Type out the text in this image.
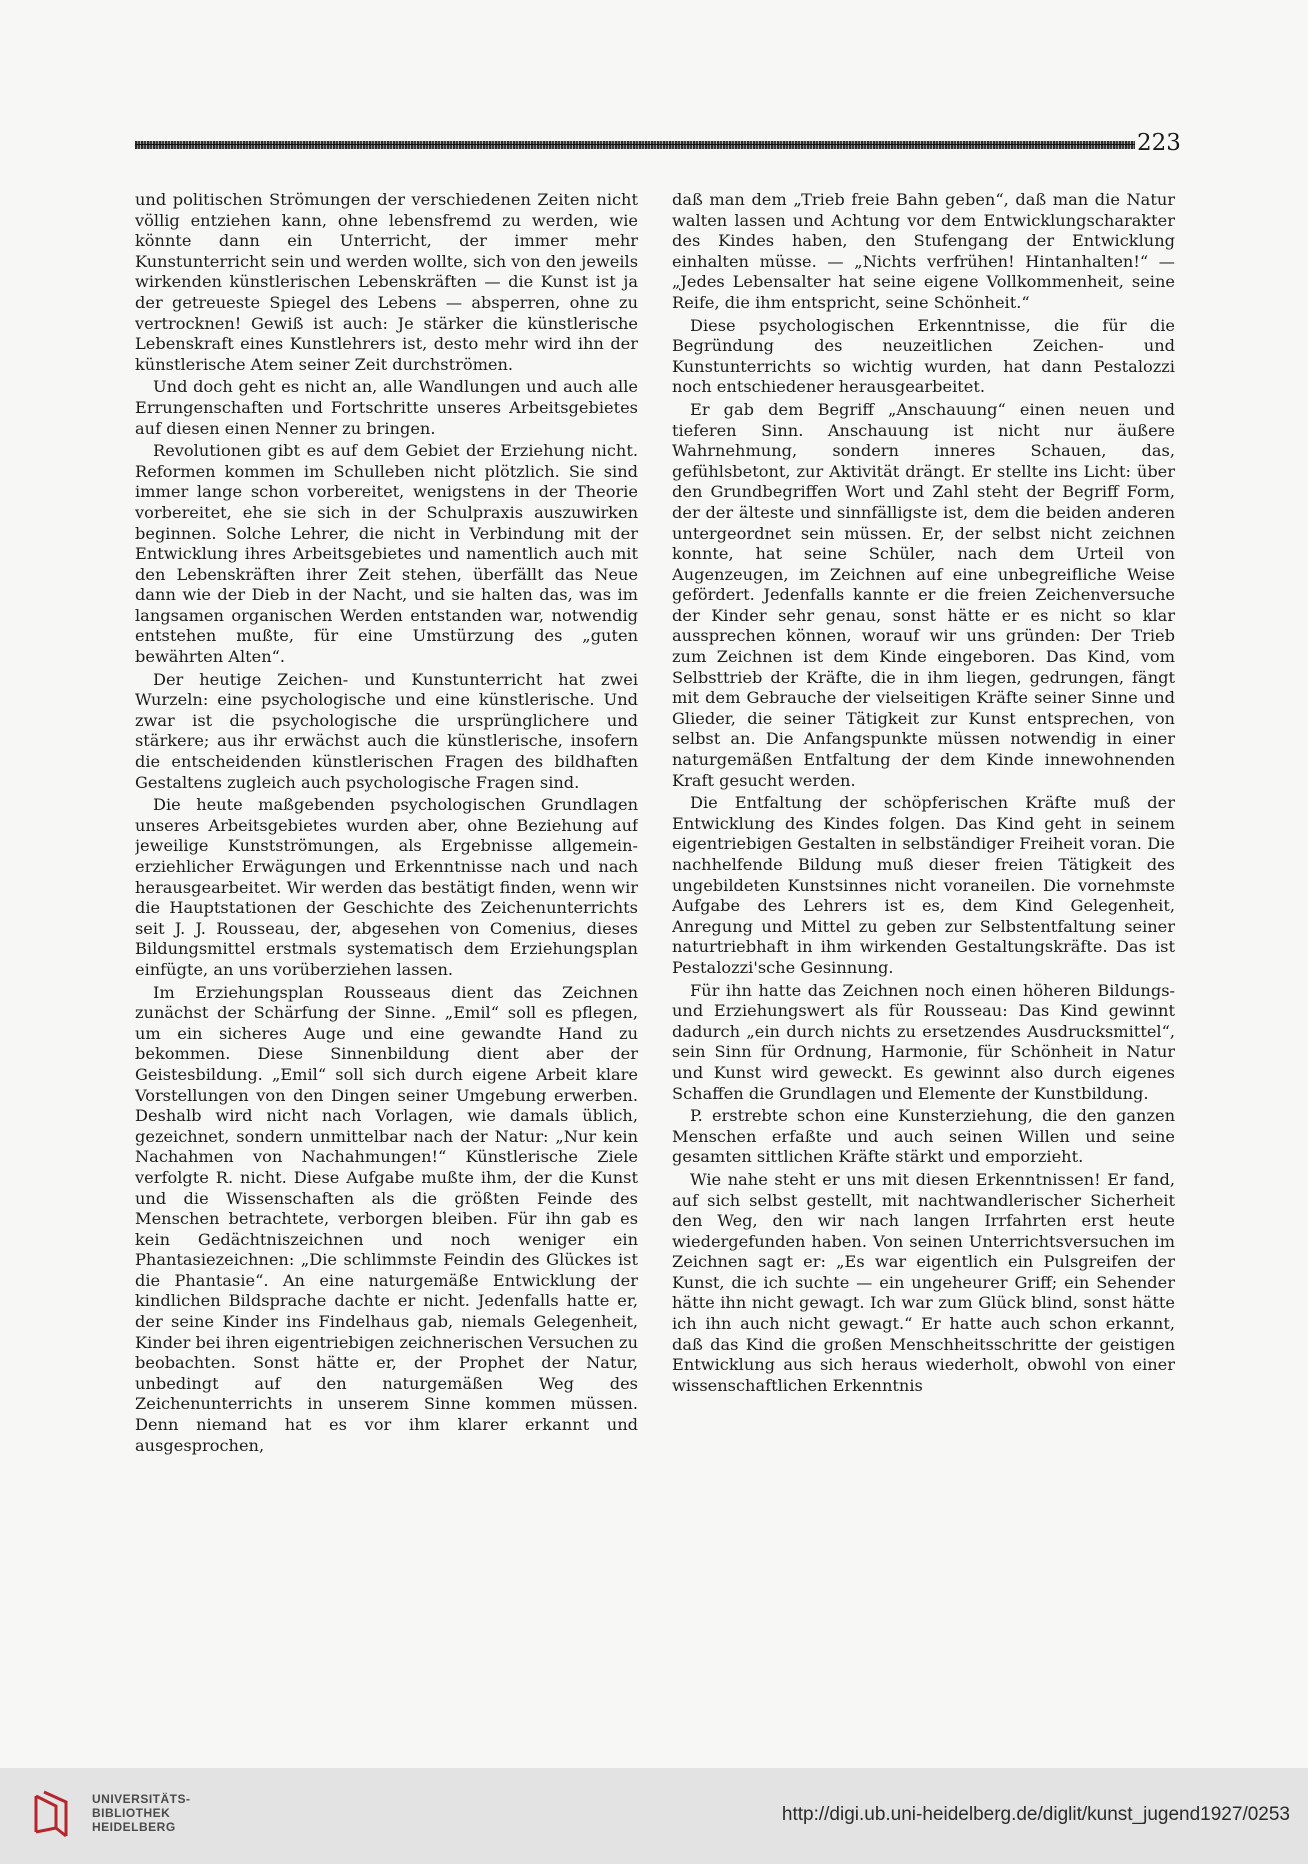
223

und politischen Strömungen der verschiedenen Zeiten nicht völlig entziehen kann, ohne lebensfremd zu werden, wie könnte dann ein Unterricht, der immer mehr Kunstunterricht sein und werden wollte, sich von den jeweils wirkenden künstlerischen Lebenskräften — die Kunst ist ja der getreueste Spiegel des Lebens — absperren, ohne zu vertrocknen! Gewiß ist auch: Je stärker die künstlerische Lebenskraft eines Kunstlehrers ist, desto mehr wird ihn der künstlerische Atem seiner Zeit durchströmen.

Und doch geht es nicht an, alle Wandlungen und auch alle Errungenschaften und Fortschritte unseres Arbeitsgebietes auf diesen einen Nenner zu bringen.

Revolutionen gibt es auf dem Gebiet der Erziehung nicht. Reformen kommen im Schulleben nicht plötzlich. Sie sind immer lange schon vorbereitet, wenigstens in der Theorie vorbereitet, ehe sie sich in der Schulpraxis auszuwirken beginnen. Solche Lehrer, die nicht in Verbindung mit der Entwicklung ihres Arbeitsgebietes und namentlich auch mit den Lebenskräften ihrer Zeit stehen, überfällt das Neue dann wie der Dieb in der Nacht, und sie halten das, was im langsamen organischen Werden entstanden war, notwendig entstehen mußte, für eine Umstürzung des „guten bewährten Alten“.

Der heutige Zeichen- und Kunstunterricht hat zwei Wurzeln: eine psychologische und eine künstlerische. Und zwar ist die psychologische die ursprünglichere und stärkere; aus ihr erwächst auch die künstlerische, insofern die entscheidenden künstlerischen Fragen des bildhaften Gestaltens zugleich auch psychologische Fragen sind.

Die heute maßgebenden psychologischen Grundlagen unseres Arbeitsgebietes wurden aber, ohne Beziehung auf jeweilige Kunstströmungen, als Ergebnisse allgemein-erziehlicher Erwägungen und Erkenntnisse nach und nach herausgearbeitet. Wir werden das bestätigt finden, wenn wir die Hauptstationen der Geschichte des Zeichenunterrichts seit J. J. Rousseau, der, abgesehen von Comenius, dieses Bildungsmittel erstmals systematisch dem Erziehungsplan einfügte, an uns vorüberziehen lassen.

Im Erziehungsplan Rousseaus dient das Zeichnen zunächst der Schärfung der Sinne. „Emil“ soll es pflegen, um ein sicheres Auge und eine gewandte Hand zu bekommen. Diese Sinnenbildung dient aber der Geistesbildung. „Emil“ soll sich durch eigene Arbeit klare Vorstellungen von den Dingen seiner Umgebung erwerben. Deshalb wird nicht nach Vorlagen, wie damals üblich, gezeichnet, sondern unmittelbar nach der Natur: „Nur kein Nachahmen von Nachahmungen!“ Künstlerische Ziele verfolgte R. nicht. Diese Aufgabe mußte ihm, der die Kunst und die Wissenschaften als die größten Feinde des Menschen betrachtete, verborgen bleiben. Für ihn gab es kein Gedächtniszeichnen und noch weniger ein Phantasiezeichnen: „Die schlimmste Feindin des Glückes ist die Phantasie“. An eine naturgemäße Entwicklung der kindlichen Bildsprache dachte er nicht. Jedenfalls hatte er, der seine Kinder ins Findelhaus gab, niemals Gelegenheit, Kinder bei ihren eigentriebigen zeichnerischen Versuchen zu beobachten. Sonst hätte er, der Prophet der Natur, unbedingt auf den naturgemäßen Weg des Zeichenunterrichts in unserem Sinne kommen müssen. Denn niemand hat es vor ihm klarer erkannt und ausgesprochen,

daß man dem „Trieb freie Bahn geben“, daß man die Natur walten lassen und Achtung vor dem Entwicklungscharakter des Kindes haben, den Stufengang der Entwicklung einhalten müsse. — „Nichts verfrühen! Hintanhalten!“ — „Jedes Lebensalter hat seine eigene Vollkommenheit, seine Reife, die ihm entspricht, seine Schönheit.“

Diese psychologischen Erkenntnisse, die für die Begründung des neuzeitlichen Zeichen- und Kunstunterrichts so wichtig wurden, hat dann Pestalozzi noch entschiedener herausgearbeitet.

Er gab dem Begriff „Anschauung“ einen neuen und tieferen Sinn. Anschauung ist nicht nur äußere Wahrnehmung, sondern inneres Schauen, das, gefühlsbetont, zur Aktivität drängt. Er stellte ins Licht: über den Grundbegriffen Wort und Zahl steht der Begriff Form, der der älteste und sinnfälligste ist, dem die beiden anderen untergeordnet sein müssen. Er, der selbst nicht zeichnen konnte, hat seine Schüler, nach dem Urteil von Augenzeugen, im Zeichnen auf eine unbegreifliche Weise gefördert. Jedenfalls kannte er die freien Zeichenversuche der Kinder sehr genau, sonst hätte er es nicht so klar aussprechen können, worauf wir uns gründen: Der Trieb zum Zeichnen ist dem Kinde eingeboren. Das Kind, vom Selbsttrieb der Kräfte, die in ihm liegen, gedrungen, fängt mit dem Gebrauche der vielseitigen Kräfte seiner Sinne und Glieder, die seiner Tätigkeit zur Kunst entsprechen, von selbst an. Die Anfangspunkte müssen notwendig in einer naturgemäßen Entfaltung der dem Kinde innewohnenden Kraft gesucht werden.

Die Entfaltung der schöpferischen Kräfte muß der Entwicklung des Kindes folgen. Das Kind geht in seinem eigentriebigen Gestalten in selbständiger Freiheit voran. Die nachhelfende Bildung muß dieser freien Tätigkeit des ungebildeten Kunstsinnes nicht voraneilen. Die vornehmste Aufgabe des Lehrers ist es, dem Kind Gelegenheit, Anregung und Mittel zu geben zur Selbstentfaltung seiner naturtriebhaft in ihm wirkenden Gestaltungskräfte. Das ist Pestalozzi'sche Gesinnung.

Für ihn hatte das Zeichnen noch einen höheren Bildungs- und Erziehungswert als für Rousseau: Das Kind gewinnt dadurch „ein durch nichts zu ersetzendes Ausdrucksmittel“, sein Sinn für Ordnung, Harmonie, für Schönheit in Natur und Kunst wird geweckt. Es gewinnt also durch eigenes Schaffen die Grundlagen und Elemente der Kunstbildung.

P. erstrebte schon eine Kunsterziehung, die den ganzen Menschen erfaßte und auch seinen Willen und seine gesamten sittlichen Kräfte stärkt und emporzieht.

Wie nahe steht er uns mit diesen Erkenntnissen! Er fand, auf sich selbst gestellt, mit nachtwandlerischer Sicherheit den Weg, den wir nach langen Irrfahrten erst heute wiedergefunden haben. Von seinen Unterrichtsversuchen im Zeichnen sagt er: „Es war eigentlich ein Pulsgreifen der Kunst, die ich suchte — ein ungeheurer Griff; ein Sehender hätte ihn nicht gewagt. Ich war zum Glück blind, sonst hätte ich ihn auch nicht gewagt.“ Er hatte auch schon erkannt, daß das Kind die großen Menschheitsschritte der geistigen Entwicklung aus sich heraus wiederholt, obwohl von einer wissenschaftlichen Erkenntnis

UNIVERSITÄTS-
BIBLIOTHEK
HEIDELBERG
http://digi.ub.uni-heidelberg.de/diglit/kunst_jugend1927/0253
